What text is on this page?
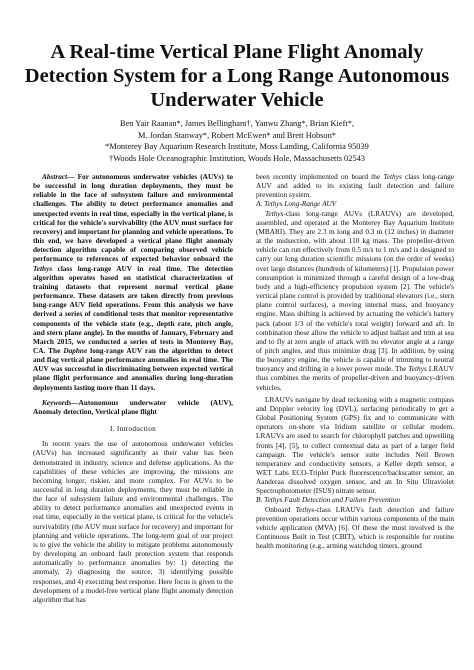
A Real-time Vertical Plane Flight Anomaly Detection System for a Long Range Autonomous Underwater Vehicle
Ben Yair Raanan*, James Bellingham†, Yanwu Zhang*, Brian Kieft*,
M. Jordan Stanway*, Robert McEwen* and Brett Hobson*
*Monterey Bay Aquarium Research Institute, Moss Landing, California 95039
†Woods Hole Oceanographic Institution, Woods Hole, Massachusetts 02543

Abstract— For autonomous underwater vehicles (AUVs) to be successful in long duration deployments, they must be reliable in the face of subsystem failure and environmental challenges. The ability to detect performance anomalies and unexpected events in real time, especially in the vertical plane, is critical for the vehicle's survivability (the AUV must surface for recovery) and important for planning and vehicle operations. To this end, we have developed a vertical plane flight anomaly detection algorithm capable of comparing observed vehicle performance to references of expected behavior onboard the Tethys class long-range AUV in real time. The detection algorithm operates based on statistical characterization of training datasets that represent normal vertical plane performance. These datasets are taken directly from previous long-range AUV field operations. From this analysis we have derived a series of conditional tests that monitor representative components of the vehicle state (e.g., depth rate, pitch angle, and stern plane angle). In the months of January, February and March 2015, we conducted a series of tests in Monterey Bay, CA. The Daphne long-range AUV ran the algorithm to detect and flag vertical plane performance anomalies in real time. The AUV was successful in discriminating between expected vertical plane flight performance and anomalies during long-duration deployments lasting more than 11 days.

Keywords—Autonomous underwater vehicle (AUV), Anomaly detection, Vertical plane flight

I. Introduction

In recent years the use of autonomous underwater vehicles (AUVs) has increased significantly as their value has been demonstrated in industry, science and defense applications. As the capabilities of these vehicles are improving, the missions are becoming longer, riskier, and more complex. For AUVs to be successful in long duration deployments, they must be reliable in the face of subsystem failure and environmental challenges. The ability to detect performance anomalies and unexpected events in real time, especially in the vertical plane, is critical for the vehicle's survivability (the AUV must surface for recovery) and important for planning and vehicle operations. The long-term goal of our project is to give the vehicle the ability to mitigate problems autonomously by developing an onboard fault protection system that responds automatically to performance anomalies by: 1) detecting the anomaly, 2) diagnosing the source, 3) identifying possible responses, and 4) executing best response. Here focus is given to the development of a model-free vertical plane flight anomaly detection algorithm that has

been recently implemented on board the Tethys class long-range AUV and added to its existing fault detection and failure prevention system.

A. Tethys Long-Range AUV

Tethys-class long-range AUVs (LRAUVs) are developed, assembled, and operated at the Monterey Bay Aquarium Institute (MBARI). They are 2.3 m long and 0.3 m (12 inches) in diameter at the midsection, with about 110 kg mass. The propeller-driven vehicle can run effectively from 0.5 m/s to 1 m/s and is designed to carry out long duration scientific missions (on the order of weeks) over large distances (hundreds of kilometers) [1]. Propulsion power consumption is minimized through a careful design of a low-drag body and a high-efficiency propulsion system [2]. The vehicle's vertical plane control is provided by traditional elevators (i.e., stern plane control surfaces), a moving internal mass, and buoyancy engine. Mass shifting is achieved by actuating the vehicle's battery pack (about 1/3 of the vehicle's total weight) forward and aft. In combination these allow the vehicle to adjust ballast and trim at sea and to fly at zero angle of attack with no elevator angle at a range of pitch angles, and thus minimize drag [3]. In addition, by using the buoyancy engine, the vehicle is capable of trimming to neutral buoyancy and drifting in a lower power mode. The Tethys LRAUV thus combines the merits of propeller-driven and buoyancy-driven vehicles.

LRAUVs navigate by dead reckoning with a magnetic compass and Doppler velocity log (DVL), surfacing periodically to get a Global Positioning System (GPS) fix and to communicate with operators on-shore via Iridium satellite or cellular modem. LRAUVs are used to search for chlorophyll patches and upwelling fronts [4], [5], to collect contextual data as part of a larger field campaign. The vehicle's sensor suite includes Neil Brown temperature and conductivity sensors, a Keller depth sensor, a WET Labs ECO-Triplet Puck fluorescence/backscatter sensor, an Aanderaa dissolved oxygen sensor, and an In Situ Ultraviolet Spectrophotometer (ISUS) nitrate sensor.

B. Tethys Fault Detection and Failure Prevention

Onboard Tethys-class LRAUVs fault detection and failure prevention operations occur within various components of the main vehicle application (MVA) [6]. Of these the most involved is the Continuous Built in Test (CBIT), which is responsible for routine health monitoring (e.g., arming watchdog timers, ground
